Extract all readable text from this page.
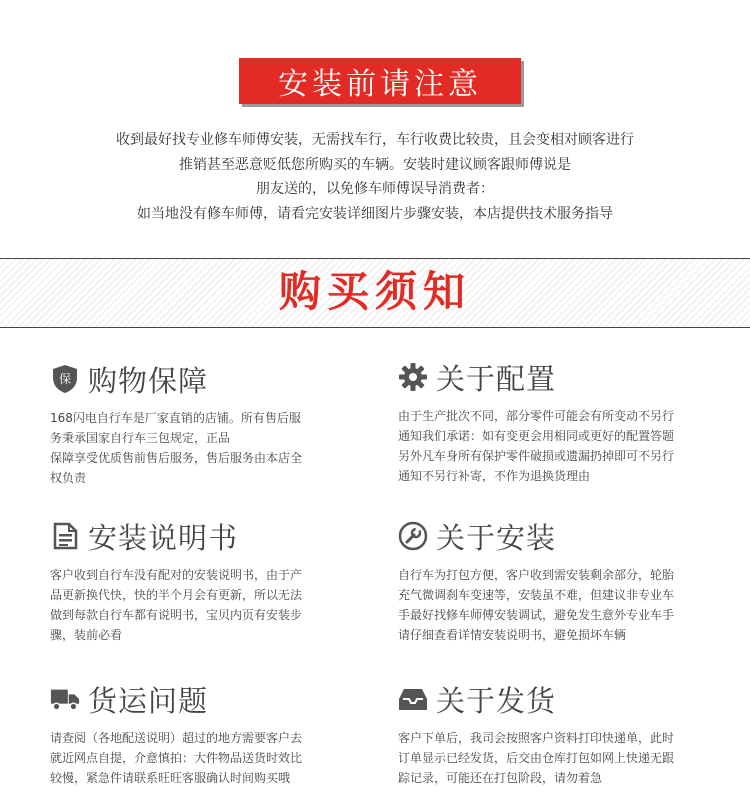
安装前请注意
收到最好找专业修车师傅安装，无需找车行，车行收费比较贵，且会变相对顾客进行
推销甚至恶意贬低您所购买的车辆。安装时建议顾客跟师傅说是
朋友送的，以免修车师傅误导消费者：
如当地没有修车师傅，请看完安装详细图片步骤安装，本店提供技术服务指导
购买须知
保 购物保障
168闪电自行车是厂家直销的店铺。所有售后服
务秉承国家自行车三包规定，正品
保障享受优质售前售后服务，售后服务由本店全
权负责
关于配置
由于生产批次不同，部分零件可能会有所变动不另行
通知我们承诺：如有变更会用相同或更好的配置答题
另外凡车身所有保护零件破损或遗漏扔掉即可不另行
通知不另行补寄，不作为退换货理由
安装说明书
客户收到自行车没有配对的安装说明书，由于产
品更新换代快，快的半个月会有更新，所以无法
做到每款自行车都有说明书，宝贝内页有安装步
骤，装前必看
关于安装
自行车为打包方便，客户收到需安装剩余部分，轮胎
充气微调刹车变速等，安装虽不难，但建议非专业车
手最好找修车师傅安装调试，避免发生意外专业车手
请仔细查看详情安装说明书，避免损坏车辆
货运问题
请查阅（各地配送说明）超过的地方需要客户去
就近网点自提，介意慎拍：大件物品送货时效比
较慢，紧急件请联系旺旺客服确认时间购买哦
关于发货
客户下单后，我司会按照客户资料打印快递单，此时
订单显示已经发货，后交由仓库打包如网上快递无跟
踪记录，可能还在打包阶段，请勿着急
